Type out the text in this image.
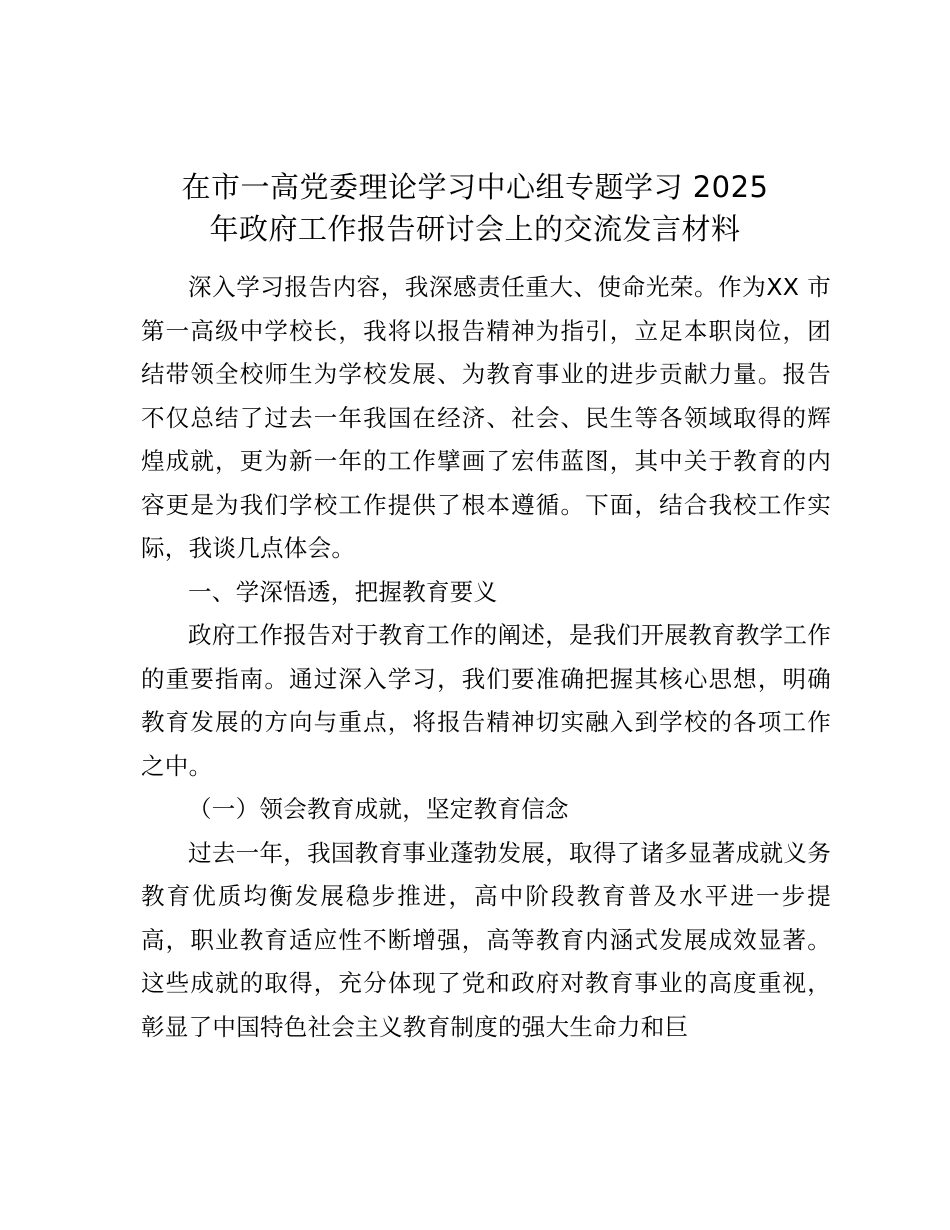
在市一高党委理论学习中心组专题学习 2025
年政府工作报告研讨会上的交流发言材料

深入学习报告内容，我深感责任重大、使命光荣。作为XX 市第一高级中学校长，我将以报告精神为指引，立足本职岗位，团结带领全校师生为学校发展、为教育事业的进步贡献力量。报告不仅总结了过去一年我国在经济、社会、民生等各领域取得的辉煌成就，更为新一年的工作擘画了宏伟蓝图，其中关于教育的内容更是为我们学校工作提供了根本遵循。下面，结合我校工作实际，我谈几点体会。

一、学深悟透，把握教育要义

政府工作报告对于教育工作的阐述，是我们开展教育教学工作的重要指南。通过深入学习，我们要准确把握其核心思想，明确教育发展的方向与重点，将报告精神切实融入到学校的各项工作之中。

（一）领会教育成就，坚定教育信念

过去一年，我国教育事业蓬勃发展，取得了诸多显著成就义务教育优质均衡发展稳步推进，高中阶段教育普及水平进一步提高，职业教育适应性不断增强，高等教育内涵式发展成效显著。这些成就的取得，充分体现了党和政府对教育事业的高度重视，彰显了中国特色社会主义教育制度的强大生命力和巨
